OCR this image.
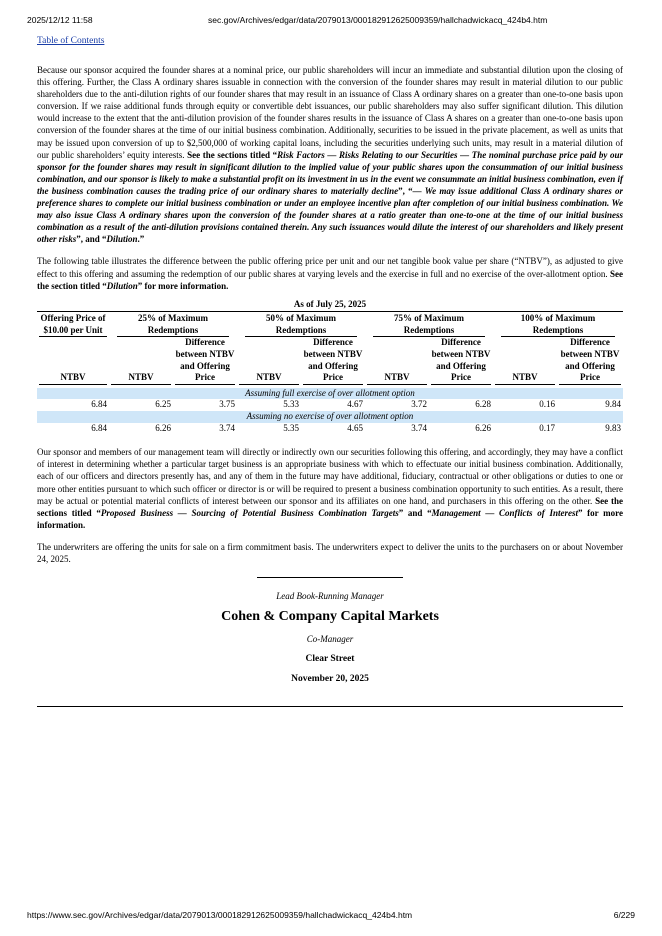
2025/12/12 11:58	sec.gov/Archives/edgar/data/2079013/000182912625009359/hallchadwickacq_424b4.htm
Table of Contents

Because our sponsor acquired the founder shares at a nominal price, our public shareholders will incur an immediate and substantial dilution upon the closing of this offering. Further, the Class A ordinary shares issuable in connection with the conversion of the founder shares may result in material dilution to our public shareholders due to the anti-dilution rights of our founder shares that may result in an issuance of Class A ordinary shares on a greater than one-to-one basis upon conversion. If we raise additional funds through equity or convertible debt issuances, our public shareholders may also suffer significant dilution. This dilution would increase to the extent that the anti-dilution provision of the founder shares results in the issuance of Class A shares on a greater than one-to-one basis upon conversion of the founder shares at the time of our initial business combination. Additionally, securities to be issued in the private placement, as well as units that may be issued upon conversion of up to $2,500,000 of working capital loans, including the securities underlying such units, may result in a material dilution of our public shareholders’ equity interests. See the sections titled “Risk Factors — Risks Relating to our Securities — The nominal purchase price paid by our sponsor for the founder shares may result in significant dilution to the implied value of your public shares upon the consummation of our initial business combination, and our sponsor is likely to make a substantial profit on its investment in us in the event we consummate an initial business combination, even if the business combination causes the trading price of our ordinary shares to materially decline”, “— We may issue additional Class A ordinary shares or preference shares to complete our initial business combination or under an employee incentive plan after completion of our initial business combination. We may also issue Class A ordinary shares upon the conversion of the founder shares at a ratio greater than one-to-one at the time of our initial business combination as a result of the anti-dilution provisions contained therein. Any such issuances would dilute the interest of our shareholders and likely present other risks”, and “Dilution.”

The following table illustrates the difference between the public offering price per unit and our net tangible book value per share (“NTBV”), as adjusted to give effect to this offering and assuming the redemption of our public shares at varying levels and the exercise in full and no exercise of the over-allotment option. See the section titled “Dilution” for more information.

As of July 25, 2025								

Offering Price of $10.00 per Unit	25% of Maximum Redemptions		50% of Maximum Redemptions		75% of Maximum Redemptions		100% of Maximum Redemptions	

NTBV	NTBV	Difference between NTBV and Offering Price	NTBV	Difference between NTBV and Offering Price	NTBV	Difference between NTBV and Offering Price	NTBV	Difference between NTBV and Offering Price

Assuming full exercise of over allotment option								
6.84	6.25	3.75	5.33	4.67	3.72	6.28	0.16	9.84
Assuming no exercise of over allotment option								
6.84	6.26	3.74	5.35	4.65	3.74	6.26	0.17	9.83

Our sponsor and members of our management team will directly or indirectly own our securities following this offering, and accordingly, they may have a conflict of interest in determining whether a particular target business is an appropriate business with which to effectuate our initial business combination. Additionally, each of our officers and directors presently has, and any of them in the future may have additional, fiduciary, contractual or other obligations or duties to one or more other entities pursuant to which such officer or director is or will be required to present a business combination opportunity to such entities. As a result, there may be actual or potential material conflicts of interest between our sponsor and its affiliates on one hand, and purchasers in this offering on the other. See the sections titled “Proposed Business — Sourcing of Potential Business Combination Targets” and “Management — Conflicts of Interest” for more information.

The underwriters are offering the units for sale on a firm commitment basis. The underwriters expect to deliver the units to the purchasers on or about November 24, 2025.

Lead Book-Running Manager
Cohen & Company Capital Markets
Co-Manager
Clear Street
November 20, 2025
https://www.sec.gov/Archives/edgar/data/2079013/000182912625009359/hallchadwickacq_424b4.htm	6/229
